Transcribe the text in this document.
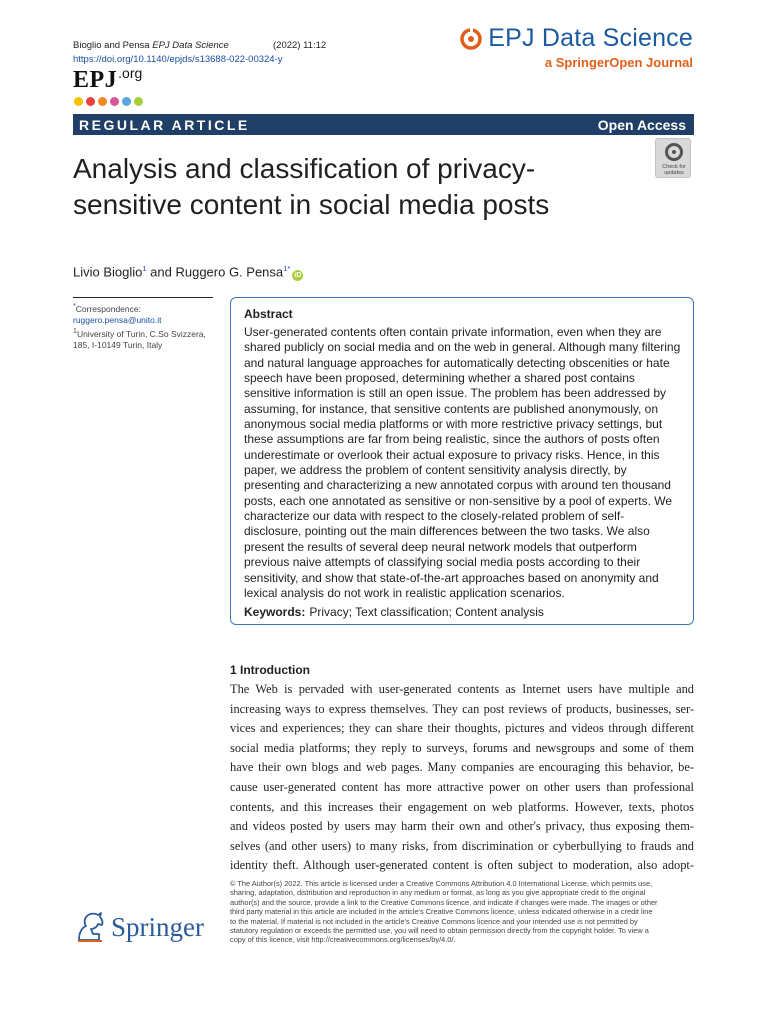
Bioglio and Pensa EPJ Data Science	(2022) 11:12
https://doi.org/10.1140/epjds/s13688-022-00324-y
EPJ.org
EPJ Data Science
a SpringerOpen Journal
REGULAR ARTICLE	Open Access
Analysis and classification of privacy-sensitive content in social media posts
Check for updates
Livio Bioglio$^1$ and Ruggero G. Pensa$^{1*}$iD
*Correspondence:
ruggero.pensa@unito.it
$^1$University of Turin, C.So Svizzera,
185, I-10149 Turin, Italy
Abstract
User-generated contents often contain private information, even when they are shared publicly on social media and on the web in general. Although many filtering and natural language approaches for automatically detecting obscenities or hate speech have been proposed, determining whether a shared post contains sensitive information is still an open issue. The problem has been addressed by assuming, for instance, that sensitive contents are published anonymously, on anonymous social media platforms or with more restrictive privacy settings, but these assumptions are far from being realistic, since the authors of posts often underestimate or overlook their actual exposure to privacy risks. Hence, in this paper, we address the problem of content sensitivity analysis directly, by presenting and characterizing a new annotated corpus with around ten thousand posts, each one annotated as sensitive or non-sensitive by a pool of experts. We characterize our data with respect to the closely-related problem of self-disclosure, pointing out the main differences between the two tasks. We also present the results of several deep neural network models that outperform previous naive attempts of classifying social media posts according to their sensitivity, and show that state-of-the-art approaches based on anonymity and lexical analysis do not work in realistic application scenarios.
Keywords: Privacy; Text classification; Content analysis
1 Introduction
The Web is pervaded with user-generated contents as Internet users have multiple and
increasing ways to express themselves. They can post reviews of products, businesses, ser-
vices and experiences; they can share their thoughts, pictures and videos through different
social media platforms; they reply to surveys, forums and newsgroups and some of them
have their own blogs and web pages. Many companies are encouraging this behavior, be-
cause user-generated content has more attractive power on other users than professional
contents, and this increases their engagement on web platforms. However, texts, photos
and videos posted by users may harm their own and other's privacy, thus exposing them-
selves (and other users) to many risks, from discrimination or cyberbullying to frauds and
identity theft. Although user-generated content is often subject to moderation, also adopt-
© The Author(s) 2022. This article is licensed under a Creative Commons Attribution 4.0 International License, which permits use,
sharing, adaptation, distribution and reproduction in any medium or format, as long as you give appropriate credit to the original
author(s) and the source, provide a link to the Creative Commons licence, and indicate if changes were made. The images or other
third party material in this article are included in the article's Creative Commons licence, unless indicated otherwise in a credit line
to the material. If material is not included in the article's Creative Commons licence and your intended use is not permitted by
statutory regulation or exceeds the permitted use, you will need to obtain permission directly from the copyright holder. To view a
copy of this licence, visit http://creativecommons.org/licenses/by/4.0/.
Springer
